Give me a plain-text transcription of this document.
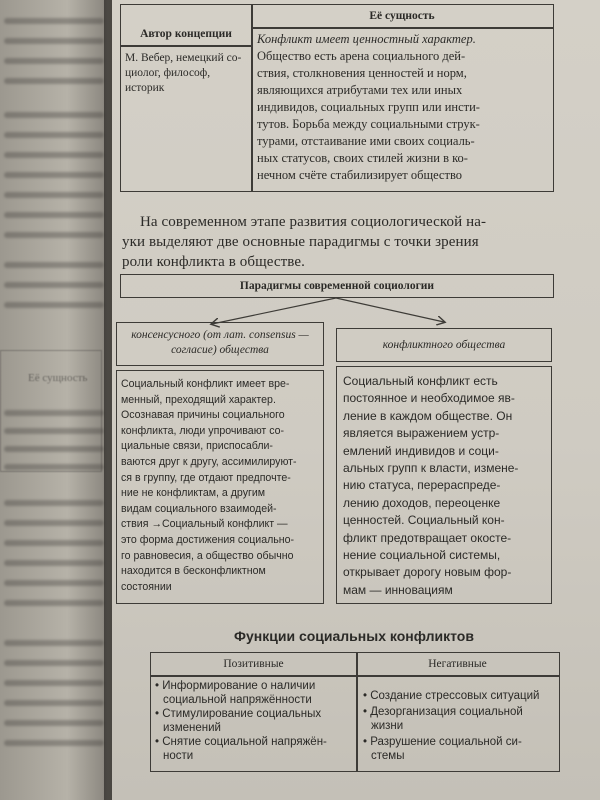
Её сущность
Её сущность
Автор концепции
М. Вебер, немецкий со-
циолог, философ,
историк
Конфликт имеет ценностный характер.
Общество есть арена социального дей-
ствия, столкновения ценностей и норм,
являющихся атрибутами тех или иных
индивидов, социальных групп или инсти-
тутов. Борьба между социальными струк-
турами, отстаивание ими своих социаль-
ных статусов, своих стилей жизни в ко-
нечном счёте стабилизирует общество
На современном этапе развития социологической на-
уки выделяют две основные парадигмы с точки зрения
роли конфликта в обществе.
Парадигмы современной социологии
консенсусного (от лат. consensus —
согласие) общества	конфликтного общества
Социальный конфликт имеет вре-
менный, преходящий характер.
Осознавая причины социального
конфликта, люди упрочивают со-
циальные связи, приспосабли-
ваются друг к другу, ассимилируют-
ся в группу, где отдают предпочте-
ние не конфликтам, а другим
видам социального взаимодей-
ствия →Социальный конфликт —
это форма достижения социально-
го равновесия, а общество обычно
находится в бесконфликтном
состоянии
Социальный конфликт есть
постоянное и необходимое яв-
ление в каждом обществе. Он
является выражением устр-
емлений индивидов и соци-
альных групп к власти, измене-
нию статуса, перераспреде-
лению доходов, переоценке
ценностей. Социальный кон-
фликт предотвращает окосте-
нение социальной системы,
открывает дорогу новым фор-
мам — инновациям
Функции социальных конфликтов
Позитивные	Негативные
• Информирование о наличии
социальной напряжённости
• Стимулирование социальных
изменений
• Снятие социальной напряжён-
ности
• Создание стрессовых ситуаций
• Дезорганизация социальной
жизни
• Разрушение социальной си-
стемы
